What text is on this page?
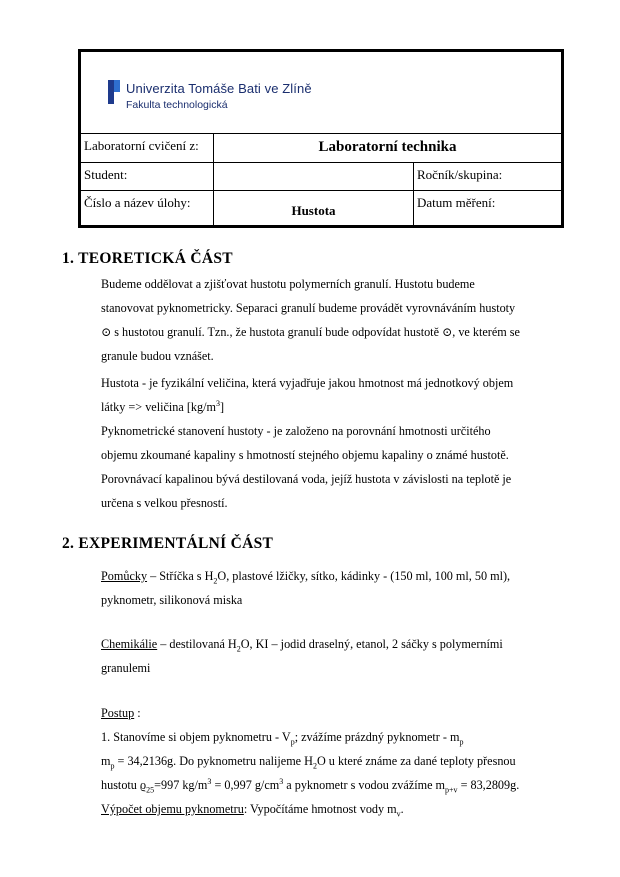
Univerzita Tomáše Bati ve Zlíně
Fakulta technologická
Laboratorní cvičení z:	Laboratorní technika
Student:	Ročník/skupina:
Číslo a název úlohy:
Hustota
Datum měření:
1. TEORETICKÁ ČÁST
Budeme oddělovat a zjišťovat hustotu polymerních granulí. Hustotu budeme
stanovovat pyknometricky. Separaci granulí budeme provádět vyrovnáváním hustoty
⊙ s hustotou granulí. Tzn., že hustota granulí bude odpovídat hustotě ⊙, ve kterém se
granule budou vznášet.
Hustota - je fyzikální veličina, která vyjadřuje jakou hmotnost má jednotkový objem
látky => veličina $[kg/m^3]$
Pyknometrické stanovení hustoty - je založeno na porovnání hmotnosti určitého
objemu zkoumané kapaliny s hmotností stejného objemu kapaliny o známé hustotě.
Porovnávací kapalinou bývá destilovaná voda, jejíž hustota v závislosti na teplotě je
určena s velkou přesností.
2. EXPERIMENTÁLNÍ ČÁST
Pomůcky – Stříčka s $H_2O$, plastové lžičky, sítko, kádinky - (150 ml, 100 ml, 50 ml),
pyknometr, silikonová miska
Chemikálie – destilovaná $H_2O$, KI – jodid draselný, etanol, 2 sáčky s polymerními
granulemi
Postup :
1. Stanovíme si objem pyknometru - $V_p$; zvážíme prázdný pyknometr - $m_p$
$m_p = 34,2136g$. Do pyknometru nalijeme $H_2O$ u které známe za dané teploty přesnou
hustotu $ϱ_{25}=997$ $kg/m^3 = 0,997$ $g/cm^3$ a pyknometr s vodou zvážíme $m_{p+v} = 83,2809g$.
Výpočet objemu pyknometru: Vypočítáme hmotnost vody $m_v$.
